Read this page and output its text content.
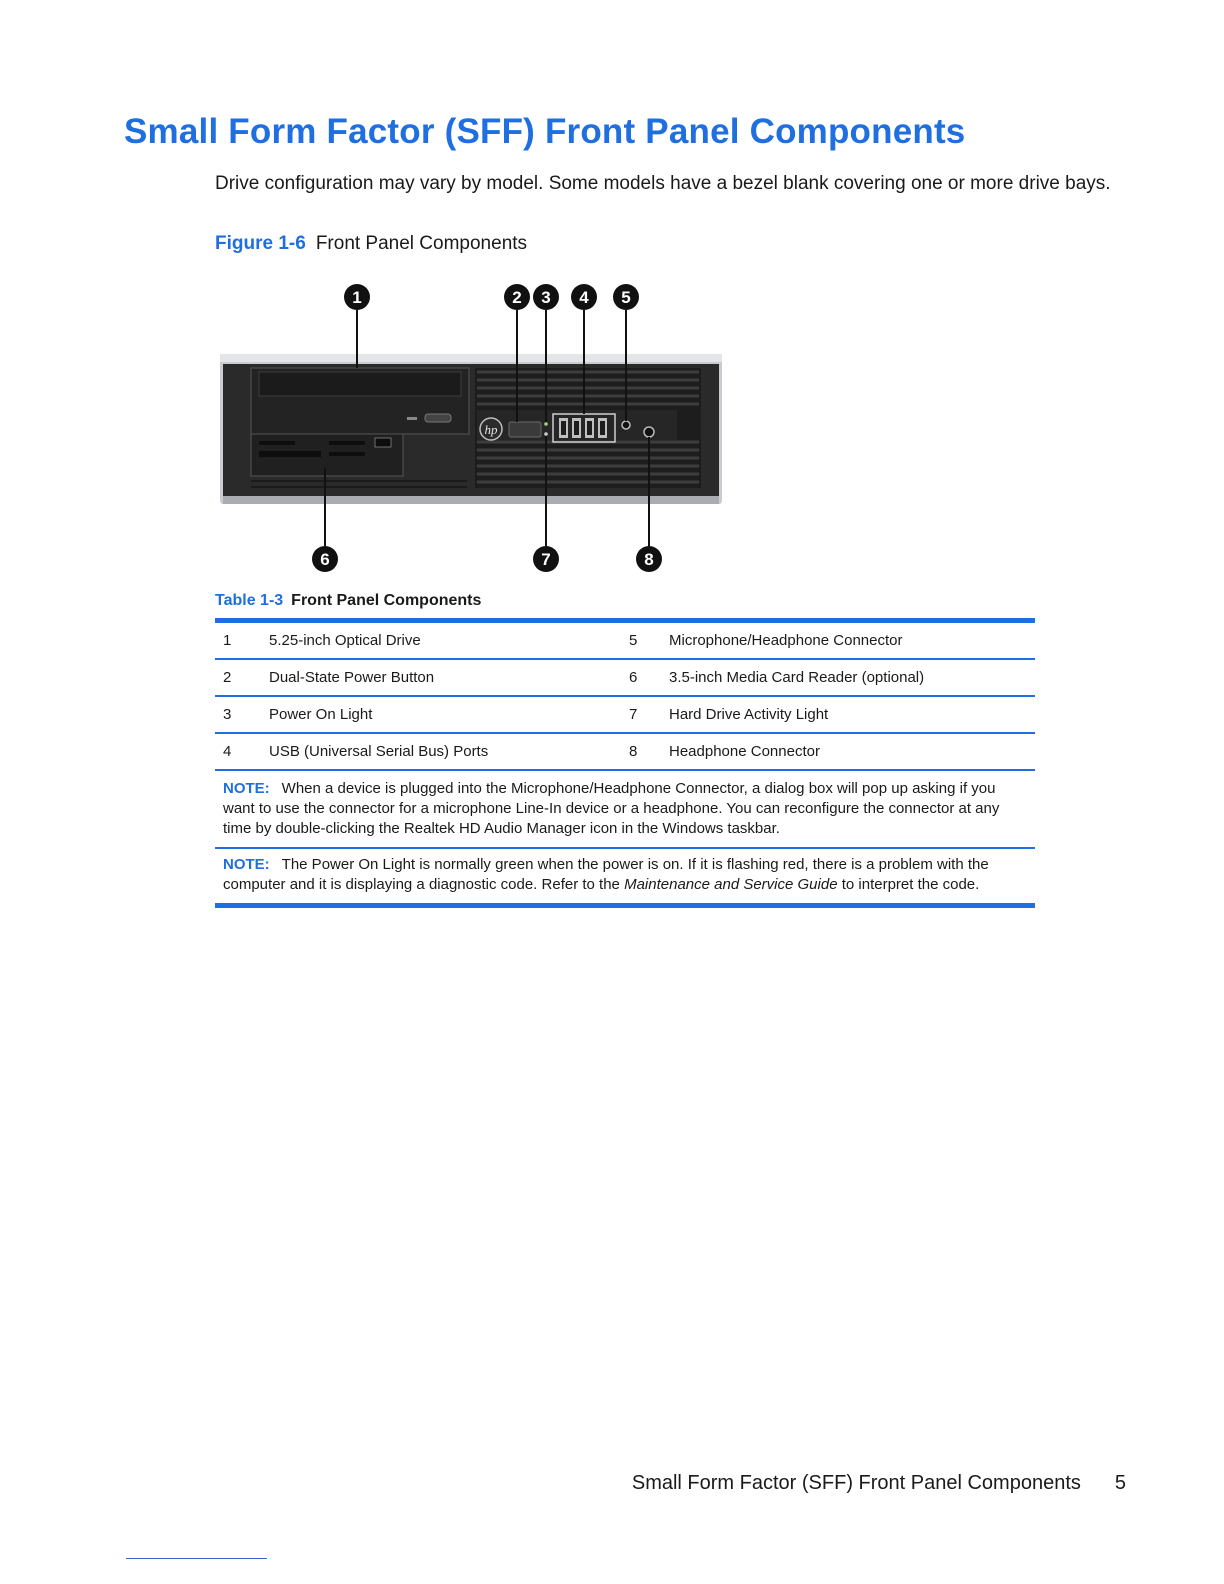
Small Form Factor (SFF) Front Panel Components

Drive configuration may vary by model. Some models have a bezel blank covering one or more drive bays.

Figure 1-6 Front Panel Components
hp
1	2 3 4 5
6	7	8
Table 1-3 Front Panel Components
1	5.25-inch Optical Drive	5	Microphone/Headphone Connector
2	Dual-State Power Button	6	3.5-inch Media Card Reader (optional)
3	Power On Light	7	Hard Drive Activity Light
4	USB (Universal Serial Bus) Ports	8	Headphone Connector
NOTE: When a device is plugged into the Microphone/Headphone Connector, a dialog box will pop up asking if you want to use the connector for a microphone Line-In device or a headphone. You can reconfigure the connector at any time by double-clicking the Realtek HD Audio Manager icon in the Windows taskbar.
NOTE: The Power On Light is normally green when the power is on. If it is flashing red, there is a problem with the computer and it is displaying a diagnostic code. Refer to the Maintenance and Service Guide to interpret the code.
Small Form Factor (SFF) Front Panel Components 5
